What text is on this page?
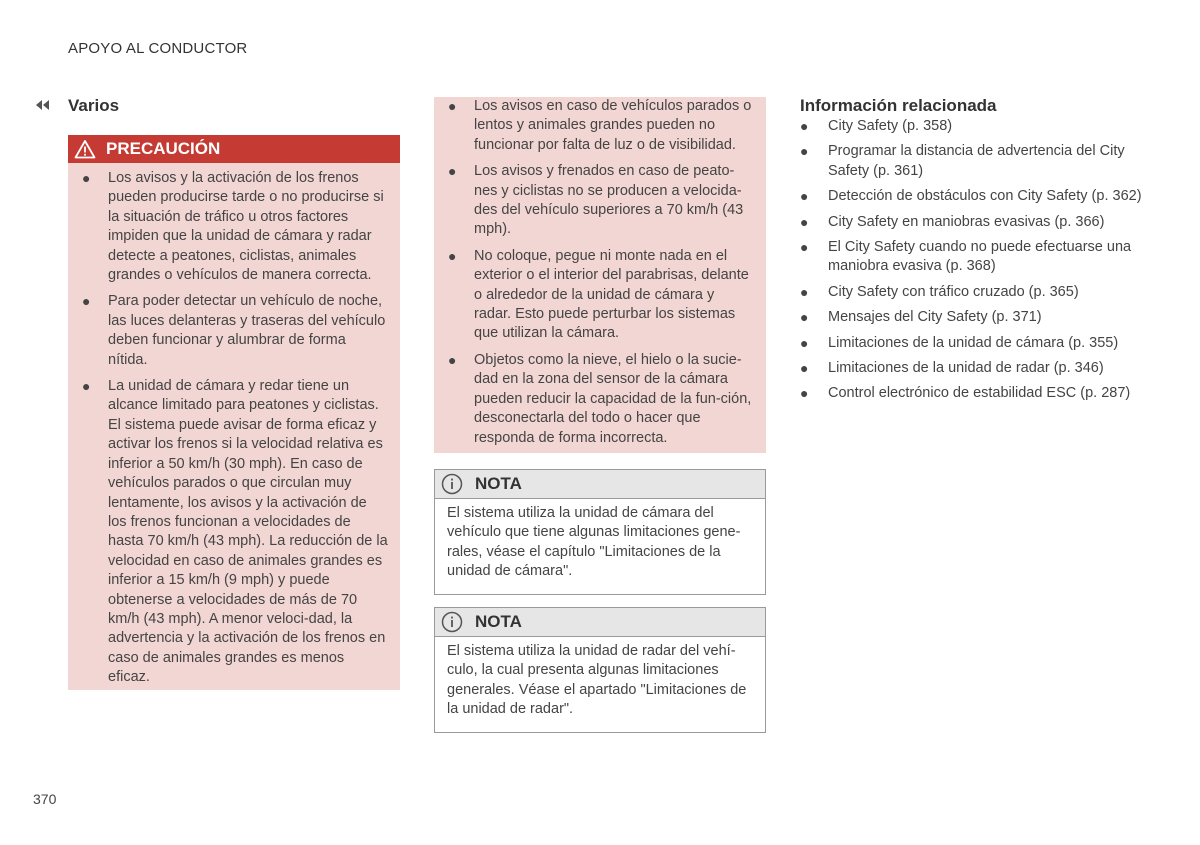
APOYO AL CONDUCTOR
Varios
PRECAUCIÓN
● Los avisos y la activación de los frenos pueden producirse tarde o no producirse si la situación de tráfico u otros factores impiden que la unidad de cámara y radar detecte a peatones, ciclistas, animales grandes o vehículos de manera correcta.
● Para poder detectar un vehículo de noche, las luces delanteras y traseras del vehículo deben funcionar y alumbrar de forma nítida.
● La unidad de cámara y redar tiene un alcance limitado para peatones y ciclistas. El sistema puede avisar de forma eficaz y activar los frenos si la velocidad relativa es inferior a 50 km/h (30 mph). En caso de vehículos parados o que circulan muy lentamente, los avisos y la activación de los frenos funcionan a velocidades de hasta 70 km/h (43 mph). La reducción de la velocidad en caso de animales grandes es inferior a 15 km/h (9 mph) y puede obtenerse a velocidades de más de 70 km/h (43 mph). A menor veloci-dad, la advertencia y la activación de los frenos en caso de animales grandes es menos eficaz.
● Los avisos en caso de vehículos parados o lentos y animales grandes pueden no funcionar por falta de luz o de visibilidad.
● Los avisos y frenados en caso de peato-nes y ciclistas no se producen a velocida-des del vehículo superiores a 70 km/h (43 mph).
● No coloque, pegue ni monte nada en el exterior o el interior del parabrisas, delante o alrededor de la unidad de cámara y radar. Esto puede perturbar los sistemas que utilizan la cámara.
● Objetos como la nieve, el hielo o la sucie-dad en la zona del sensor de la cámara pueden reducir la capacidad de la fun-ción, desconectarla del todo o hacer que responda de forma incorrecta.
NOTA
El sistema utiliza la unidad de cámara del vehículo que tiene algunas limitaciones gene-rales, véase el capítulo "Limitaciones de la unidad de cámara".
NOTA
El sistema utiliza la unidad de radar del vehí-culo, la cual presenta algunas limitaciones generales. Véase el apartado "Limitaciones de la unidad de radar".
Información relacionada
● City Safety (p. 358)
● Programar la distancia de advertencia del City Safety (p. 361)
● Detección de obstáculos con City Safety (p. 362)
● City Safety en maniobras evasivas (p. 366)
● El City Safety cuando no puede efectuarse una maniobra evasiva (p. 368)
● City Safety con tráfico cruzado (p. 365)
● Mensajes del City Safety (p. 371)
● Limitaciones de la unidad de cámara (p. 355)
● Limitaciones de la unidad de radar (p. 346)
● Control electrónico de estabilidad ESC (p. 287)
370
